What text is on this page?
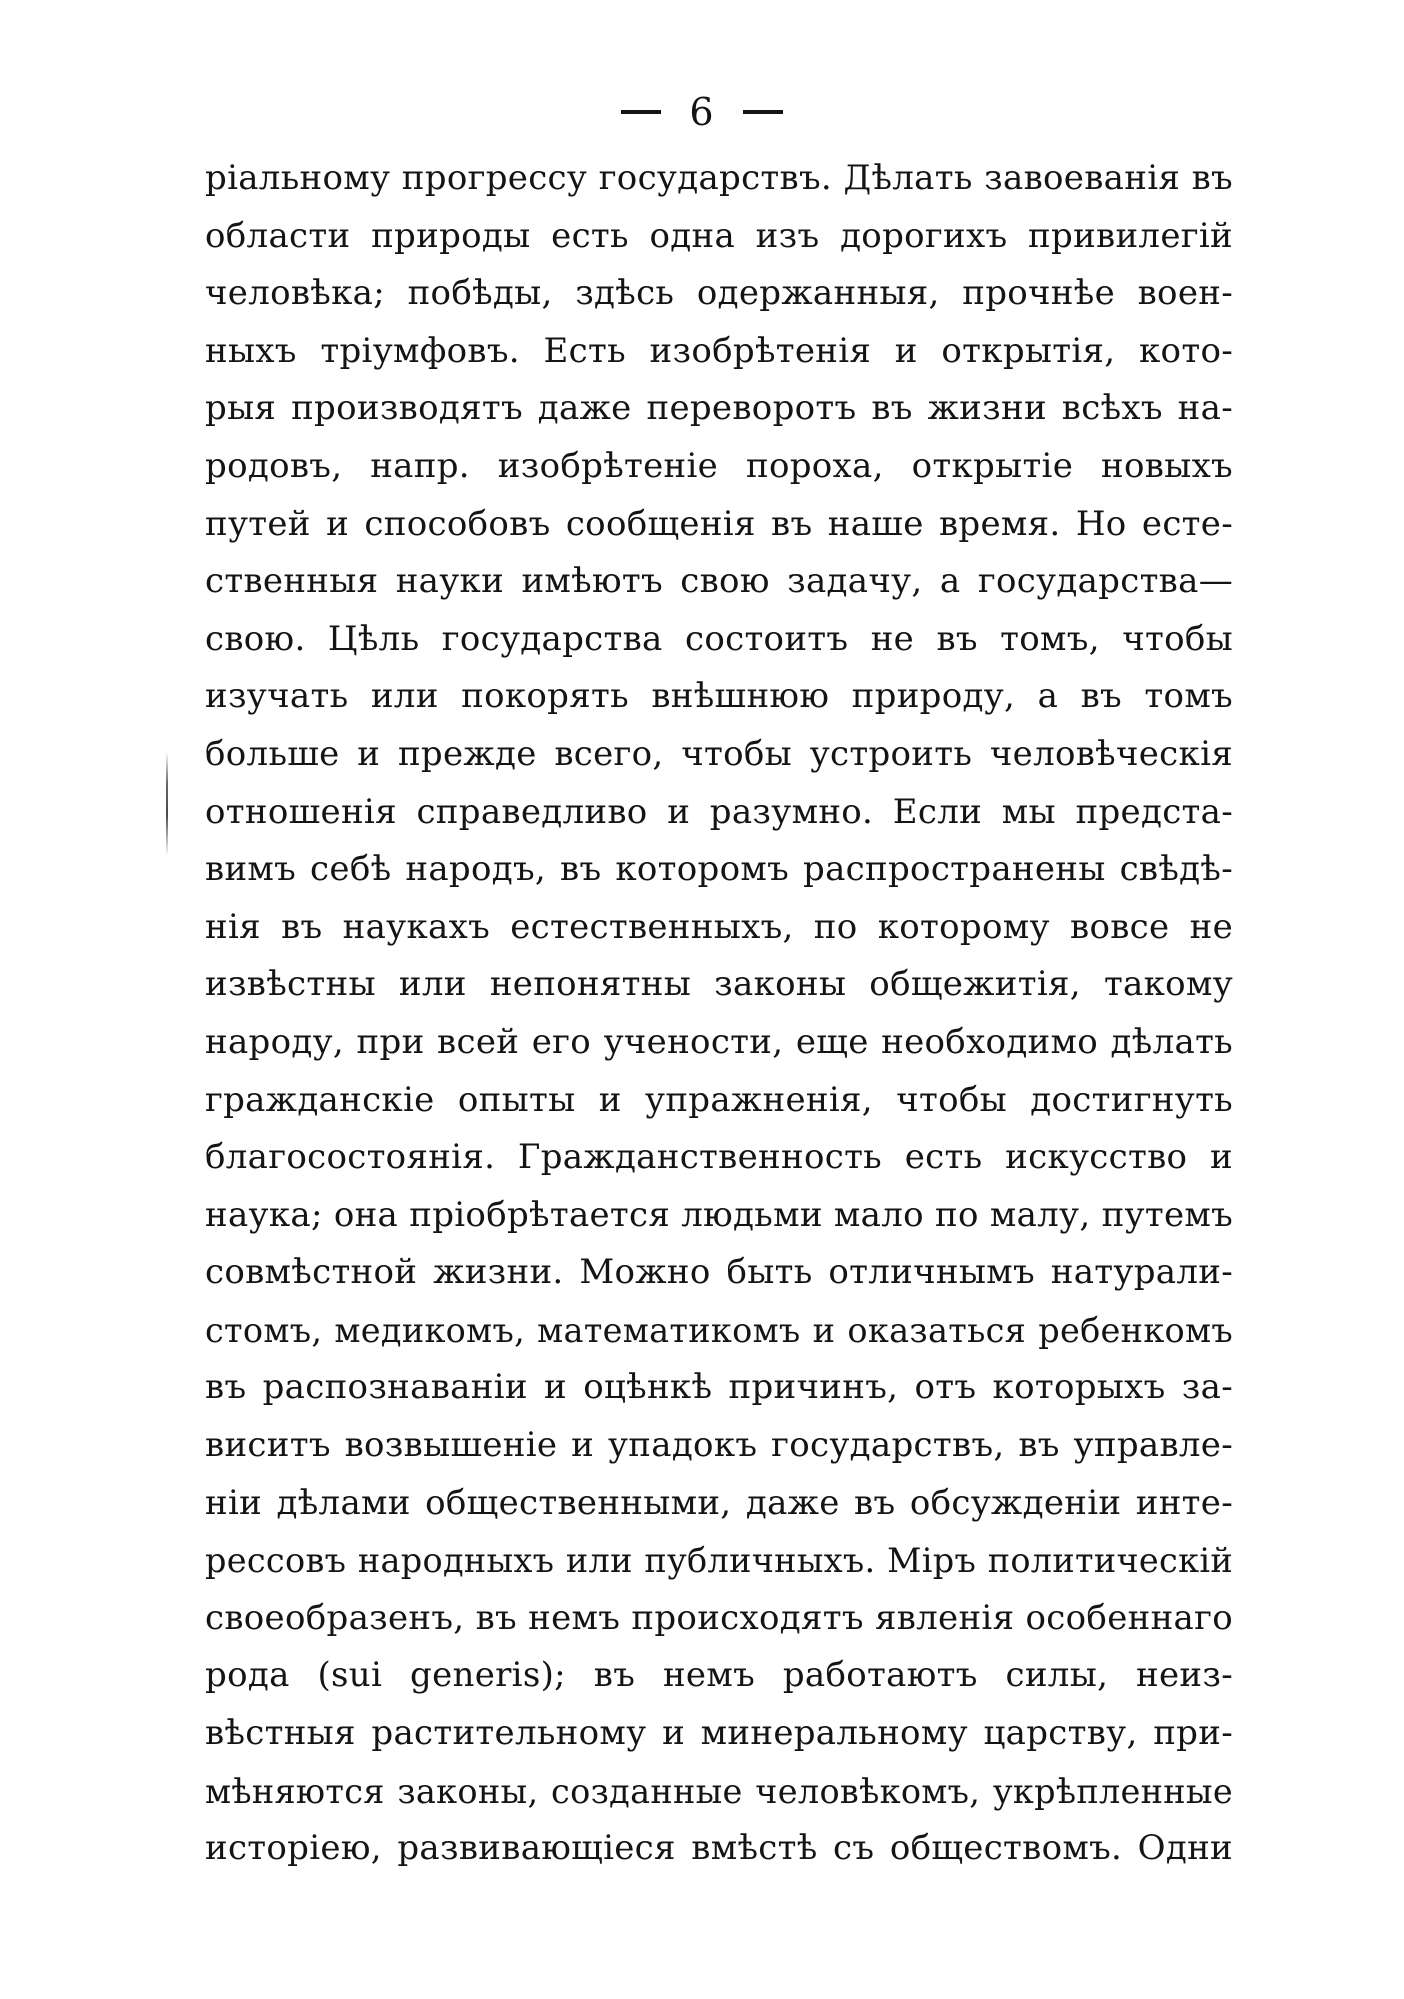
6
ріальному прогрессу государствъ. Дѣлать завоеванія въ
области природы есть одна изъ дорогихъ привилегій
человѣка; побѣды, здѣсь одержанныя, прочнѣе воен-
ныхъ тріумфовъ. Есть изобрѣтенія и открытія, кото-
рыя производятъ даже переворотъ въ жизни всѣхъ на-
родовъ, напр. изобрѣтеніе пороха, открытіе новыхъ
путей и способовъ сообщенія въ наше время. Но есте-
ственныя науки имѣютъ свою задачу, а государства—
свою. Цѣль государства состоитъ не въ томъ, чтобы
изучать или покорять внѣшнюю природу, а въ томъ
больше и прежде всего, чтобы устроить человѣческія
отношенія справедливо и разумно. Если мы предста-
вимъ себѣ народъ, въ которомъ распространены свѣдѣ-
нія въ наукахъ естественныхъ, по которому вовсе не
извѣстны или непонятны законы общежитія, такому
народу, при всей его учености, еще необходимо дѣлать
гражданскіе опыты и упражненія, чтобы достигнуть
благосостоянія. Гражданственность есть искусство и
наука; она пріобрѣтается людьми мало по малу, путемъ
совмѣстной жизни. Можно быть отличнымъ натурали-
стомъ, медикомъ, математикомъ и оказаться ребенкомъ
въ распознаваніи и оцѣнкѣ причинъ, отъ которыхъ за-
виситъ возвышеніе и упадокъ государствъ, въ управле-
ніи дѣлами общественными, даже въ обсужденіи инте-
рессовъ народныхъ или публичныхъ. Міръ политическій
своеобразенъ, въ немъ происходятъ явленія особеннаго
рода (sui generis); въ немъ работаютъ силы, неиз-
вѣстныя растительному и минеральному царству, при-
мѣняются законы, созданные человѣкомъ, укрѣпленные
исторіею, развивающіеся вмѣстѣ съ обществомъ. Одни
